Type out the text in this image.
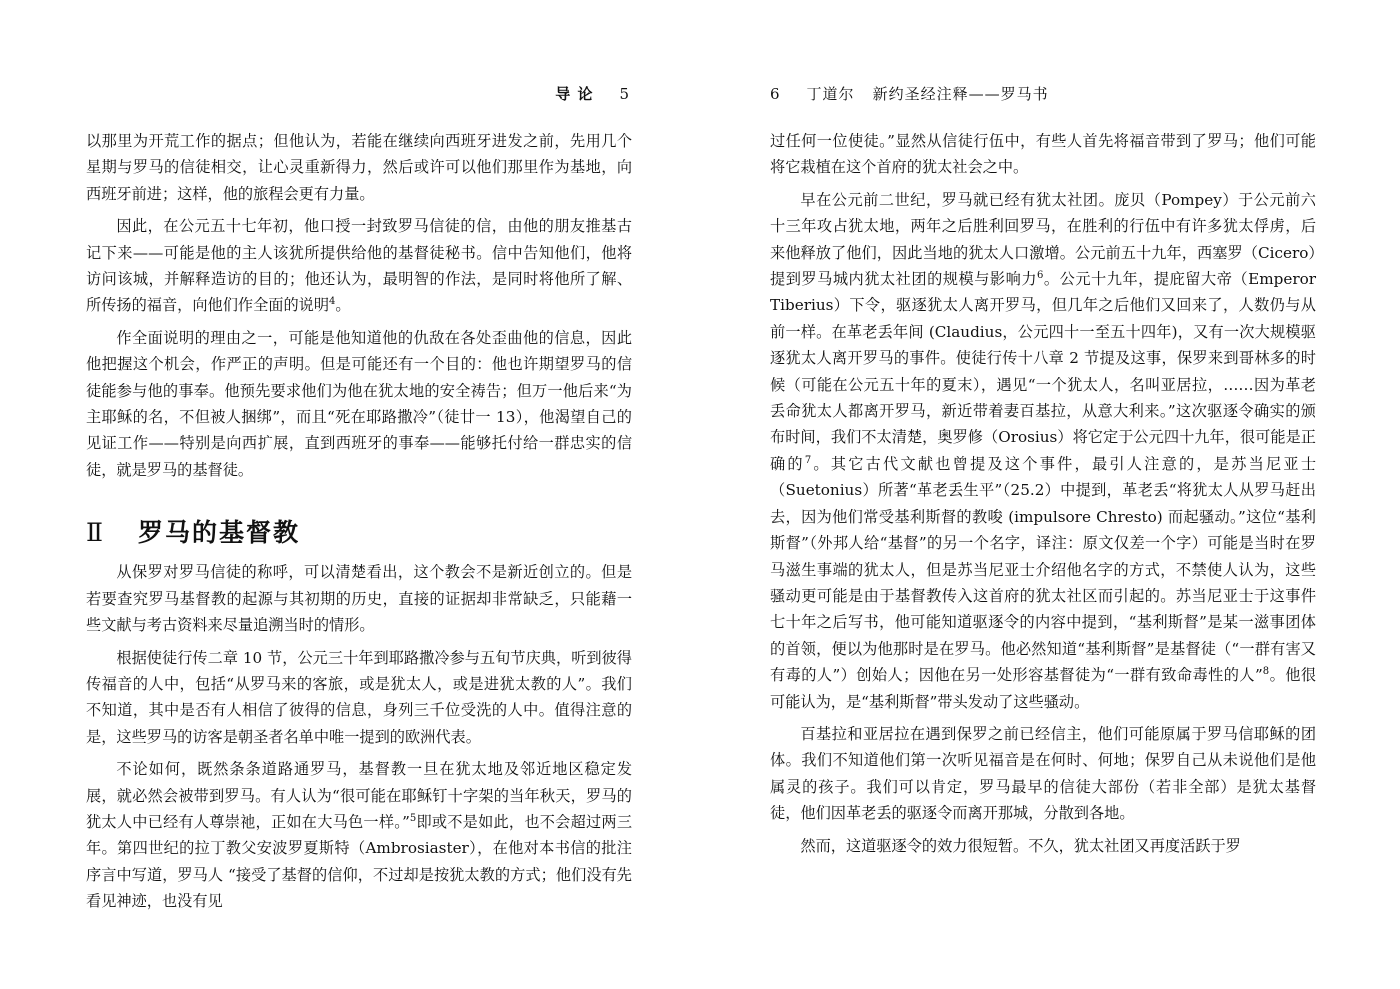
导 论 5

以那里为开荒工作的据点；但他认为，若能在继续向西班牙进发之前，先用几个星期与罗马的信徒相交，让心灵重新得力，然后或许可以他们那里作为基地，向西班牙前进；这样，他的旅程会更有力量。

因此，在公元五十七年初，他口授一封致罗马信徒的信，由他的朋友推基古记下来——可能是他的主人该犹所提供给他的基督徒秘书。信中告知他们，他将访问该城，并解释造访的目的；他还认为，最明智的作法，是同时将他所了解、所传扬的福音，向他们作全面的说明$^4$。

作全面说明的理由之一，可能是他知道他的仇敌在各处歪曲他的信息，因此他把握这个机会，作严正的声明。但是可能还有一个目的：他也许期望罗马的信徒能参与他的事奉。他预先要求他们为他在犹太地的安全祷告；但万一他后来“为主耶稣的名，不但被人捆绑”，而且“死在耶路撒冷”（徒廿一 13），他渴望自己的见证工作——特别是向西扩展，直到西班牙的事奉——能够托付给一群忠实的信徒，就是罗马的基督徒。

Ⅱ 罗马的基督教

从保罗对罗马信徒的称呼，可以清楚看出，这个教会不是新近创立的。但是若要查究罗马基督教的起源与其初期的历史，直接的证据却非常缺乏，只能藉一些文献与考古资料来尽量追溯当时的情形。

根据使徒行传二章 10 节，公元三十年到耶路撒冷参与五旬节庆典，听到彼得传福音的人中，包括“从罗马来的客旅，或是犹太人，或是进犹太教的人”。我们不知道，其中是否有人相信了彼得的信息，身列三千位受洗的人中。值得注意的是，这些罗马的访客是朝圣者名单中唯一提到的欧洲代表。

不论如何，既然条条道路通罗马，基督教一旦在犹太地及邻近地区稳定发展，就必然会被带到罗马。有人认为“很可能在耶稣钉十字架的当年秋天，罗马的犹太人中已经有人尊崇祂，正如在大马色一样。”$^5$即或不是如此，也不会超过两三年。第四世纪的拉丁教父安波罗夏斯特（Ambrosiaster），在他对本书信的批注序言中写道，罗马人 “接受了基督的信仰，不过却是按犹太教的方式；他们没有先看见神迹，也没有见

6 丁道尔 新约圣经注释——罗马书

过任何一位使徒。”显然从信徒行伍中，有些人首先将福音带到了罗马；他们可能将它栽植在这个首府的犹太社会之中。

早在公元前二世纪，罗马就已经有犹太社团。庞贝（Pompey）于公元前六十三年攻占犹太地，两年之后胜利回罗马，在胜利的行伍中有许多犹太俘虏，后来他释放了他们，因此当地的犹太人口激增。公元前五十九年，西塞罗（Cicero）提到罗马城内犹太社团的规模与影响力$^6$。公元十九年，提庇留大帝（Emperor Tiberius）下令，驱逐犹太人离开罗马，但几年之后他们又回来了，人数仍与从前一样。在革老丢年间 (Claudius，公元四十一至五十四年)，又有一次大规模驱逐犹太人离开罗马的事件。使徒行传十八章 2 节提及这事，保罗来到哥林多的时候（可能在公元五十年的夏末），遇见“一个犹太人，名叫亚居拉，……因为革老丢命犹太人都离开罗马，新近带着妻百基拉，从意大利来。”这次驱逐令确实的颁布时间，我们不太清楚，奥罗修（Orosius）将它定于公元四十九年，很可能是正确的$^7$。其它古代文献也曾提及这个事件，最引人注意的，是苏当尼亚士（Suetonius）所著“革老丢生平”（25.2）中提到，革老丢“将犹太人从罗马赶出去，因为他们常受基利斯督的教唆 (impulsore Chresto) 而起骚动。”这位“基利斯督”（外邦人给“基督”的另一个名字，译注：原文仅差一个字）可能是当时在罗马滋生事端的犹太人，但是苏当尼亚士介绍他名字的方式，不禁使人认为，这些骚动更可能是由于基督教传入这首府的犹太社区而引起的。苏当尼亚士于这事件七十年之后写书，他可能知道驱逐令的内容中提到，“基利斯督”是某一滋事团体的首领，便以为他那时是在罗马。他必然知道“基利斯督”是基督徒（“一群有害又有毒的人”）创始人；因他在另一处形容基督徒为“一群有致命毒性的人”$^8$。他很可能认为，是“基利斯督”带头发动了这些骚动。

百基拉和亚居拉在遇到保罗之前已经信主，他们可能原属于罗马信耶稣的团体。我们不知道他们第一次听见福音是在何时、何地；保罗自己从未说他们是他属灵的孩子。我们可以肯定，罗马最早的信徒大部份（若非全部）是犹太基督徒，他们因革老丢的驱逐令而离开那城，分散到各地。

然而，这道驱逐令的效力很短暂。不久，犹太社团又再度活跃于罗
